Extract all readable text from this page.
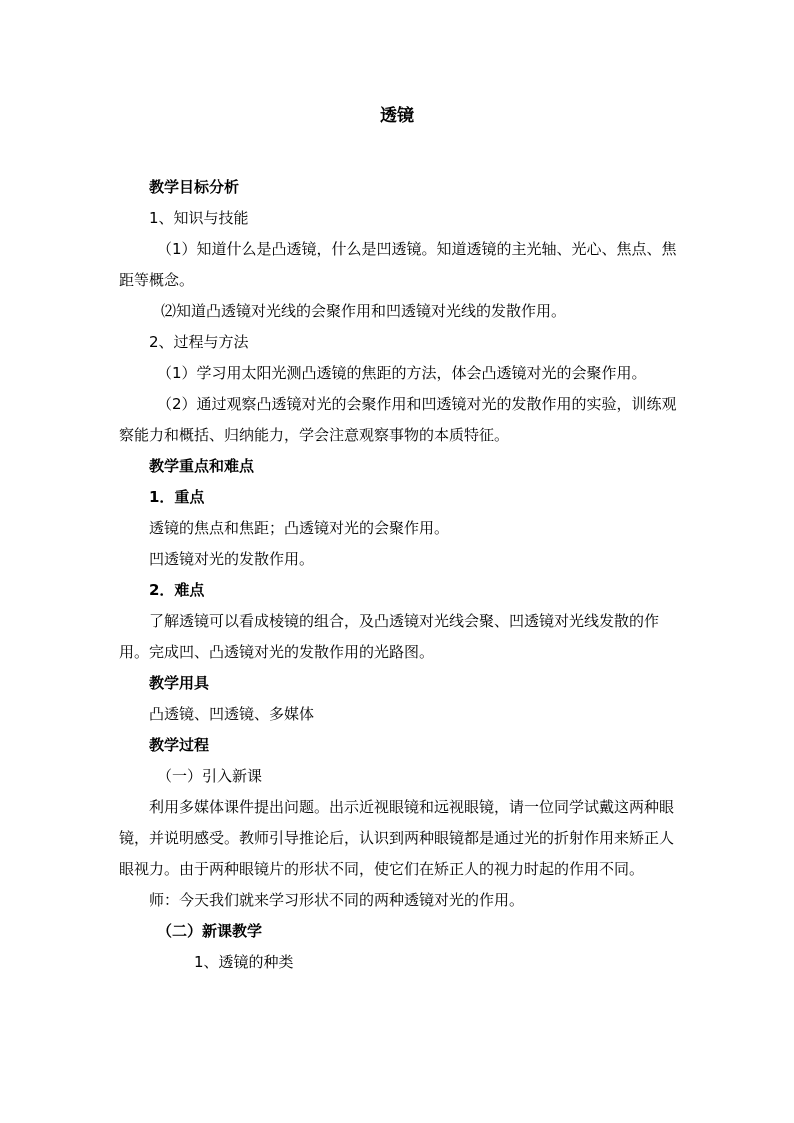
透镜

教学目标分析

1、知识与技能

（1）知道什么是凸透镜，什么是凹透镜。知道透镜的主光轴、光心、焦点、焦距等概念。

⑵知道凸透镜对光线的会聚作用和凹透镜对光线的发散作用。

2、过程与方法

（1）学习用太阳光测凸透镜的焦距的方法，体会凸透镜对光的会聚作用。

（2）通过观察凸透镜对光的会聚作用和凹透镜对光的发散作用的实验，训练观察能力和概括、归纳能力，学会注意观察事物的本质特征。

教学重点和难点

1．重点

透镜的焦点和焦距；凸透镜对光的会聚作用。

凹透镜对光的发散作用。

2．难点

了解透镜可以看成棱镜的组合，及凸透镜对光线会聚、凹透镜对光线发散的作用。完成凹、凸透镜对光的发散作用的光路图。

教学用具

凸透镜、凹透镜、多媒体

教学过程

（一）引入新课

利用多媒体课件提出问题。出示近视眼镜和远视眼镜，请一位同学试戴这两种眼镜，并说明感受。教师引导推论后，认识到两种眼镜都是通过光的折射作用来矫正人眼视力。由于两种眼镜片的形状不同，使它们在矫正人的视力时起的作用不同。

师：今天我们就来学习形状不同的两种透镜对光的作用。

（二）新课教学

1、透镜的种类
